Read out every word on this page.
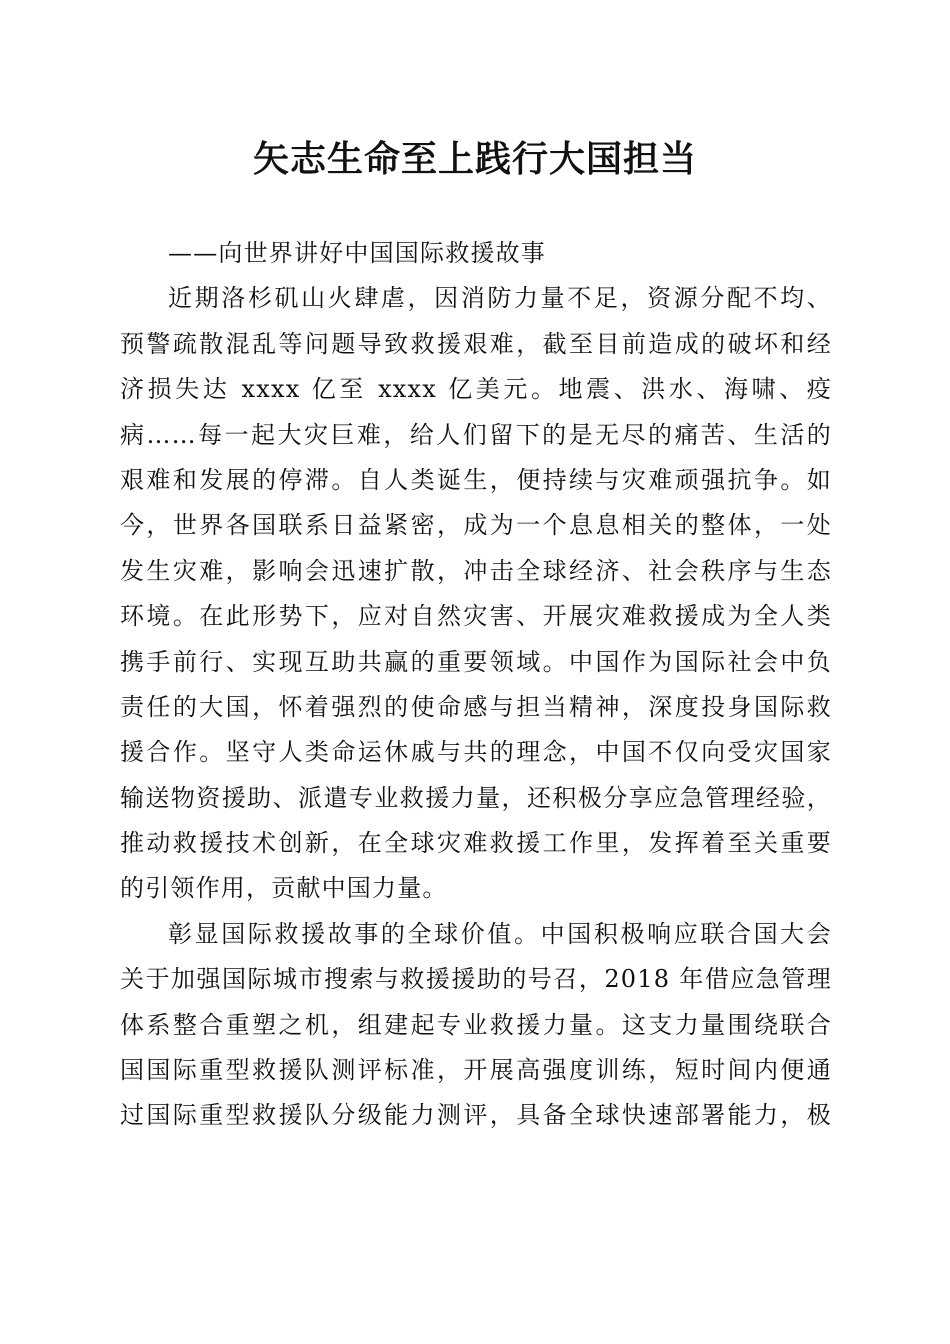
矢志生命至上践行大国担当
——向世界讲好中国国际救援故事
近期洛杉矶山火肆虐，因消防力量不足，资源分配不均、
预警疏散混乱等问题导致救援艰难，截至目前造成的破坏和经
济损失达 xxxx 亿至 xxxx 亿美元。地震、洪水、海啸、疫
病……每一起大灾巨难，给人们留下的是无尽的痛苦、生活的
艰难和发展的停滞。自人类诞生，便持续与灾难顽强抗争。如
今，世界各国联系日益紧密，成为一个息息相关的整体，一处
发生灾难，影响会迅速扩散，冲击全球经济、社会秩序与生态
环境。在此形势下，应对自然灾害、开展灾难救援成为全人类
携手前行、实现互助共赢的重要领域。中国作为国际社会中负
责任的大国，怀着强烈的使命感与担当精神，深度投身国际救
援合作。坚守人类命运休戚与共的理念，中国不仅向受灾国家
输送物资援助、派遣专业救援力量，还积极分享应急管理经验，
推动救援技术创新，在全球灾难救援工作里，发挥着至关重要
的引领作用，贡献中国力量。
彰显国际救援故事的全球价值。中国积极响应联合国大会
关于加强国际城市搜索与救援援助的号召，2018 年借应急管理
体系整合重塑之机，组建起专业救援力量。这支力量围绕联合
国国际重型救援队测评标准，开展高强度训练，短时间内便通
过国际重型救援队分级能力测评，具备全球快速部署能力，极
